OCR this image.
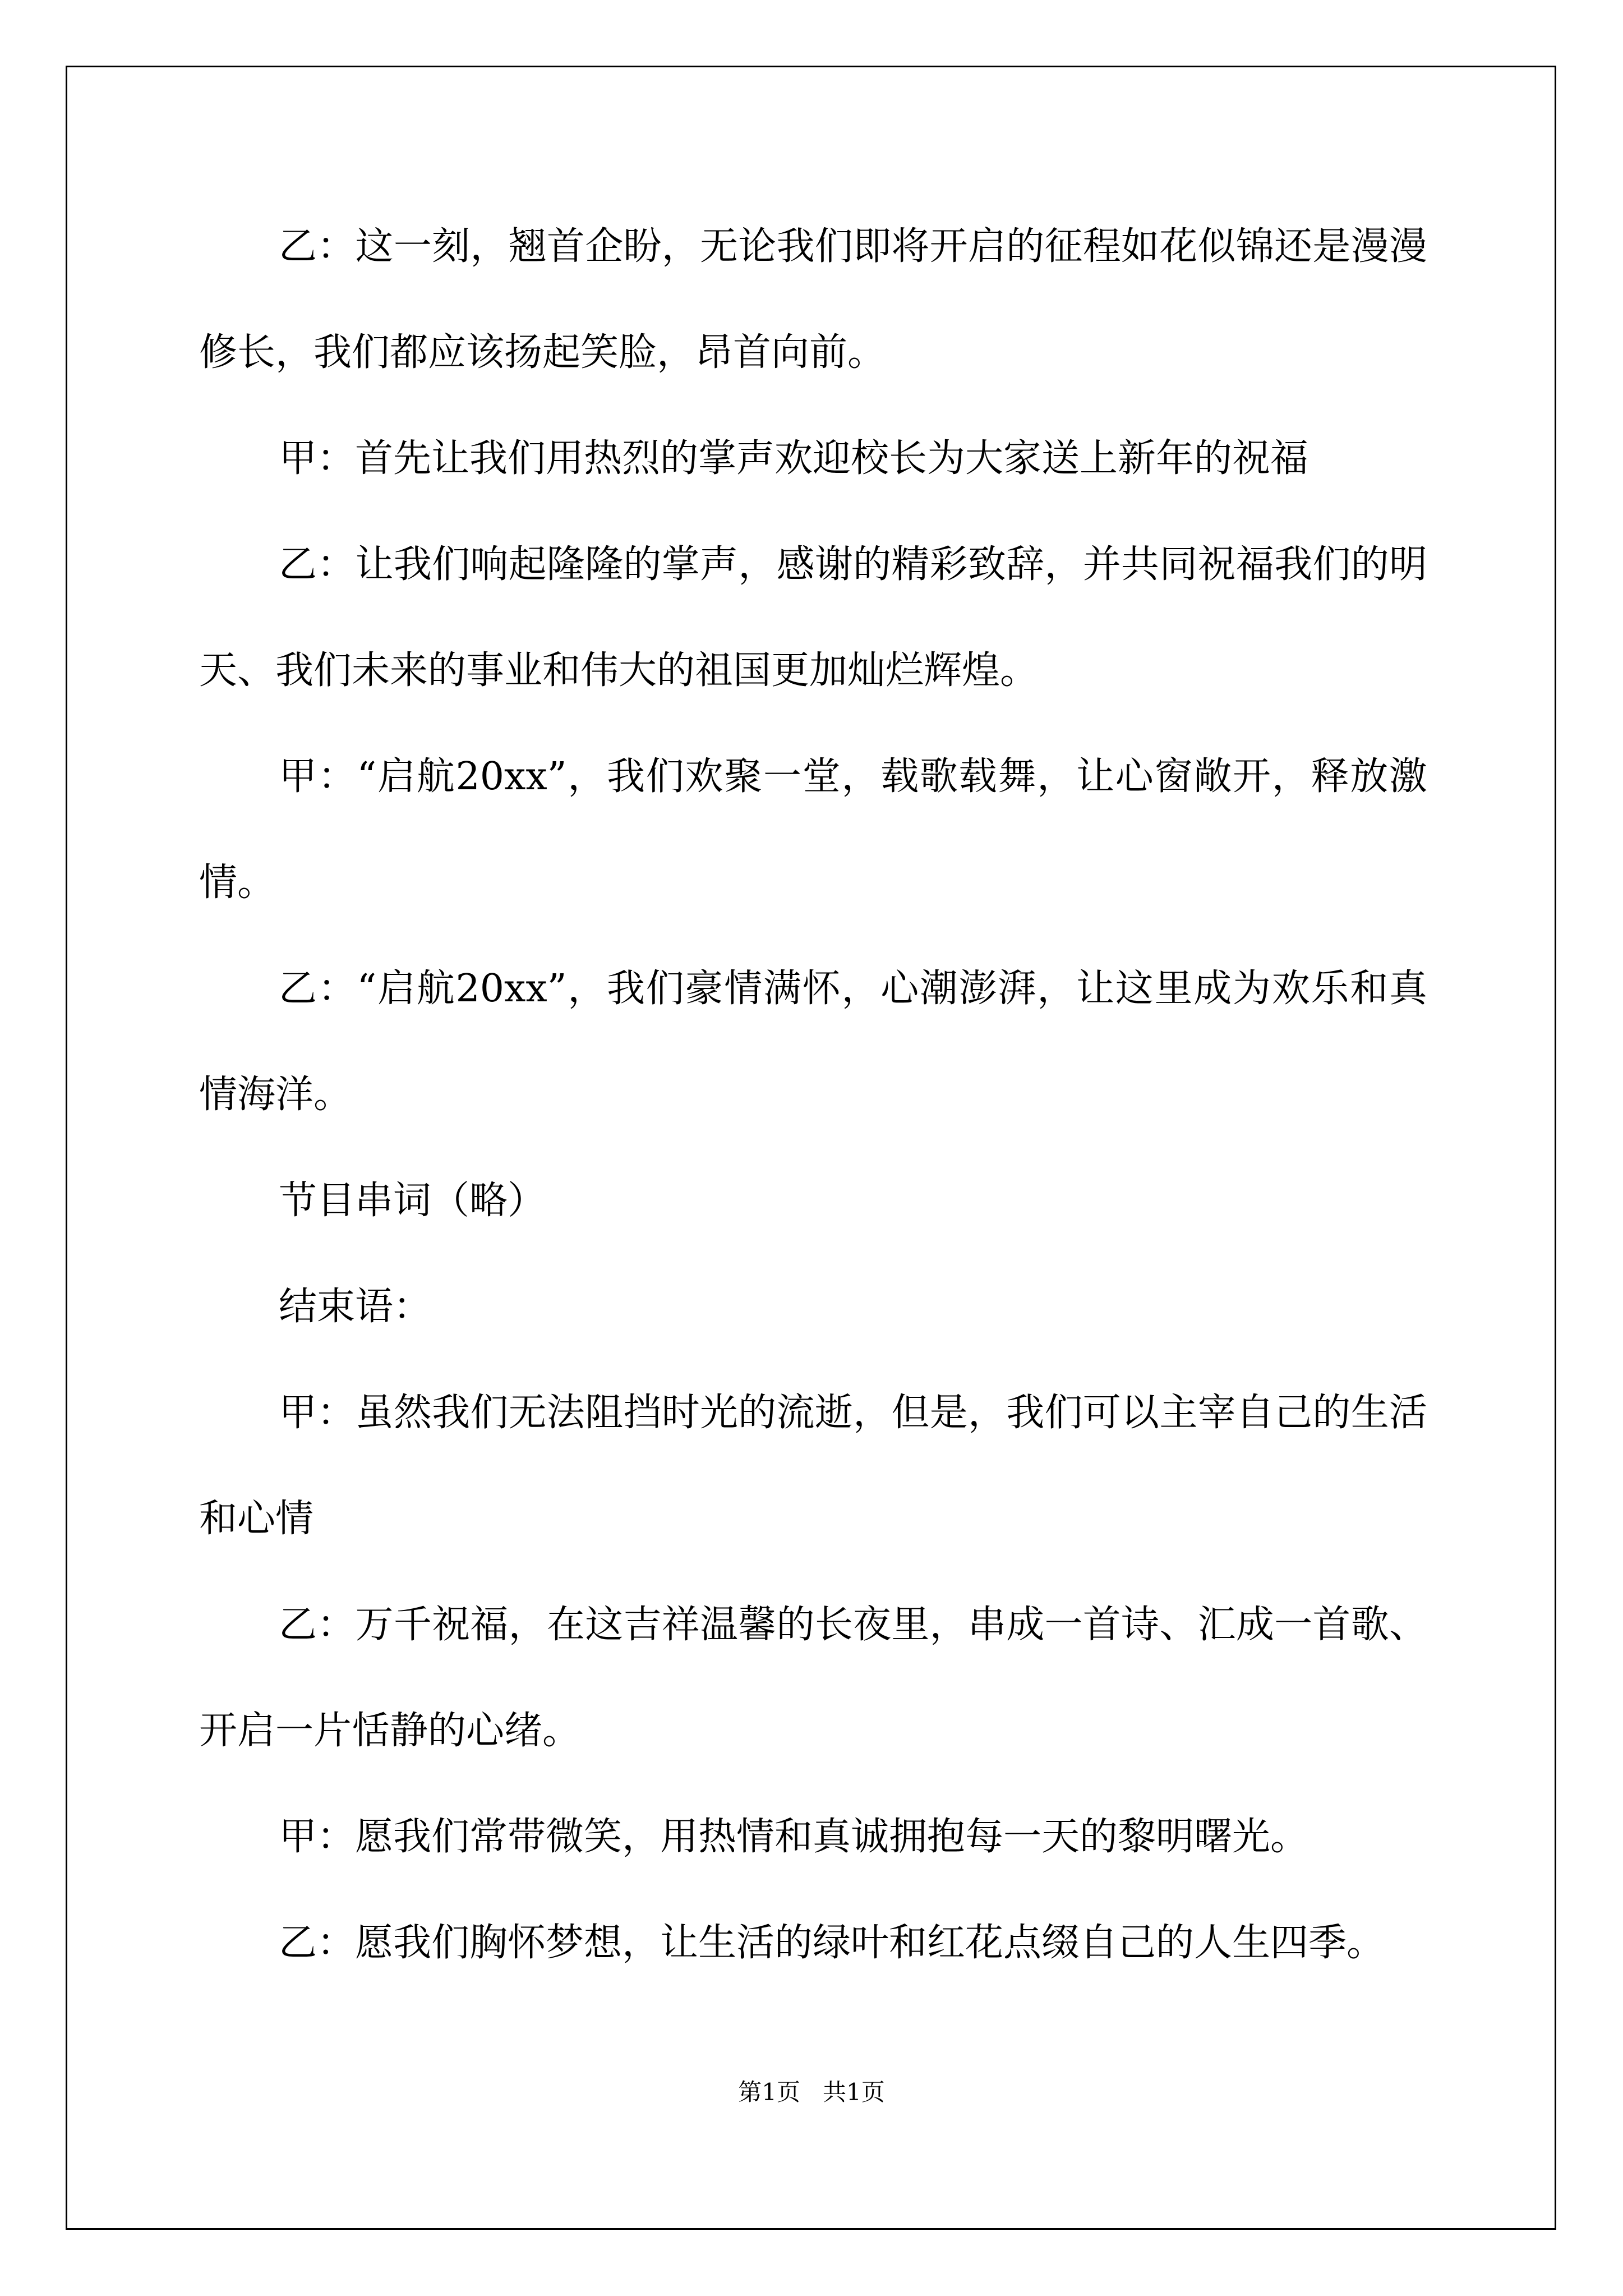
乙：这一刻，翘首企盼，无论我们即将开启的征程如花似锦还是漫漫修长，我们都应该扬起笑脸，昂首向前。

甲：首先让我们用热烈的掌声欢迎校长为大家送上新年的祝福

乙：让我们响起隆隆的掌声，感谢的精彩致辞，并共同祝福我们的明天、我们未来的事业和伟大的祖国更加灿烂辉煌。

甲：“启航20xx”，我们欢聚一堂，载歌载舞，让心窗敞开，释放激情。

乙：“启航20xx”，我们豪情满怀，心潮澎湃，让这里成为欢乐和真情海洋。

节目串词（略）

结束语：

甲：虽然我们无法阻挡时光的流逝，但是，我们可以主宰自己的生活和心情

乙：万千祝福，在这吉祥温馨的长夜里，串成一首诗、汇成一首歌、开启一片恬静的心绪。

甲：愿我们常带微笑，用热情和真诚拥抱每一天的黎明曙光。

乙：愿我们胸怀梦想，让生活的绿叶和红花点缀自己的人生四季。

第1页 共1页
